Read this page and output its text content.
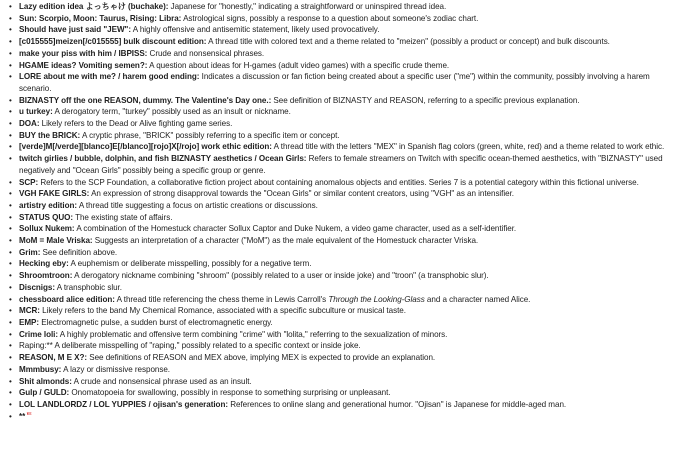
• Lazy edition idea よっちゃけ (buchake): Japanese for "honestly," indicating a straightforward or uninspired thread idea.
• Sun: Scorpio, Moon: Taurus, Rising: Libra: Astrological signs, possibly a response to a question about someone's zodiac chart.
• Should have just said "JEW": A highly offensive and antisemitic statement, likely used provocatively.
• [c015555]meizen[/c015555] bulk discount edition: A thread title with colored text and a theme related to "meizen" (possibly a product or concept) and bulk discounts.
• make your piss with him / IBPISS: Crude and nonsensical phrases.
• HGAME ideas? Vomiting semen?: A question about ideas for H-games (adult video games) with a specific crude theme.
• LORE about me with me? / harem good ending: Indicates a discussion or fan fiction being created about a specific user ("me") within the community, possibly involving a harem scenario.
• BIZNASTY off the one REASON, dummy. The Valentine's Day one.: See definition of BIZNASTY and REASON, referring to a specific previous explanation.
• u turkey: A derogatory term, "turkey" possibly used as an insult or nickname.
• DOA: Likely refers to the Dead or Alive fighting game series.
• BUY the BRICK: A cryptic phrase, "BRICK" possibly referring to a specific item or concept.
• [verde]M[/verde][blanco]E[/blanco][rojo]X[/rojo] work ethic edition: A thread title with the letters "MEX" in Spanish flag colors (green, white, red) and a theme related to work ethic.
• twitch girlies / bubble, dolphin, and fish BIZNASTY aesthetics / Ocean Girls: Refers to female streamers on Twitch with specific ocean-themed aesthetics, with "BIZNASTY" used negatively and "Ocean Girls" possibly being a specific group or genre.
• SCP: Refers to the SCP Foundation, a collaborative fiction project about containing anomalous objects and entities. Series 7 is a potential category within this fictional universe.
• VGH FAKE GIRLS: An expression of strong disapproval towards the "Ocean Girls" or similar content creators, using "VGH" as an intensifier.
• artistry edition: A thread title suggesting a focus on artistic creations or discussions.
• STATUS QUO: The existing state of affairs.
• Sollux Nukem: A combination of the Homestuck character Sollux Captor and Duke Nukem, a video game character, used as a self-identifier.
• MoM = Male Vriska: Suggests an interpretation of a character ("MoM") as the male equivalent of the Homestuck character Vriska.
• Grim: See definition above.
• Hecking eby: A euphemism or deliberate misspelling, possibly for a negative term.
• Shroomtroon: A derogatory nickname combining "shroom" (possibly related to a user or inside joke) and "troon" (a transphobic slur).
• Discnigs: A transphobic slur.
• chessboard alice edition: A thread title referencing the chess theme in Lewis Carroll's Through the Looking-Glass and a character named Alice.
• MCR: Likely refers to the band My Chemical Romance, associated with a specific subculture or musical taste.
• EMP: Electromagnetic pulse, a sudden burst of electromagnetic energy.
• Crime loli: A highly problematic and offensive term combining "crime" with "lolita," referring to the sexualization of minors.
• Raping:** A deliberate misspelling of "raping," possibly related to a specific context or inside joke.
• REASON, M E X?: See definitions of REASON and MEX above, implying MEX is expected to provide an explanation.
• Mmmbusy: A lazy or dismissive response.
• Shit almonds: A crude and nonsensical phrase used as an insult.
• Gulp / GULD: Onomatopoeia for swallowing, possibly in response to something surprising or unpleasant.
• LOL LANDLORDZ / LOL YUPPIES / ojisan's generation: References to online slang and generational humor. "Ojisan" is Japanese for middle-aged man.
• **ᄐ
